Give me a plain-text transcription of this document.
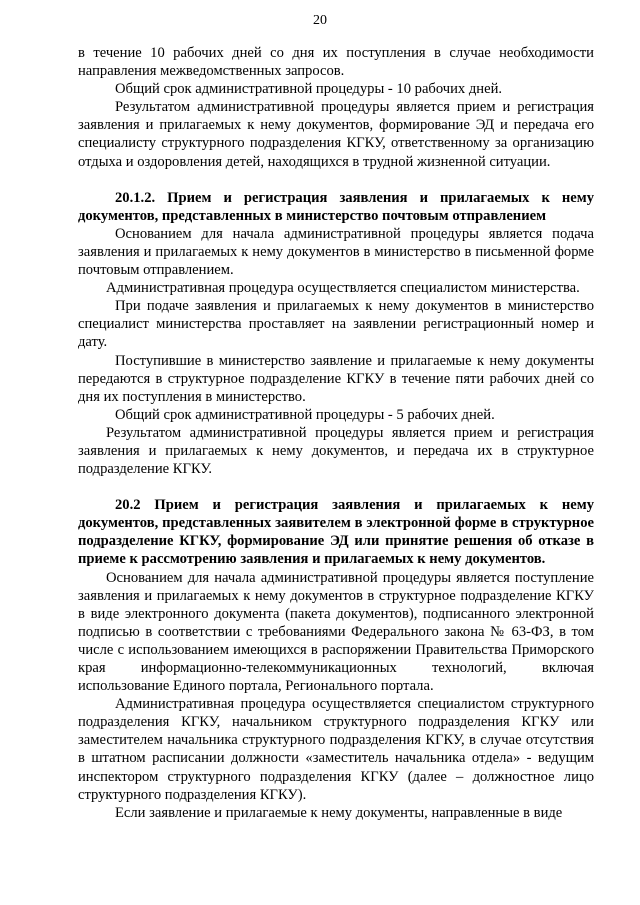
20

в течение 10 рабочих дней со дня их поступления в случае необходимости направления межведомственных запросов.

Общий срок административной процедуры - 10 рабочих дней.

Результатом административной процедуры является прием и регистрация заявления и прилагаемых к нему документов, формирование ЭД и передача его специалисту структурного подразделения КГКУ, ответственному за организацию отдыха и оздоровления детей, находящихся в трудной жизненной ситуации.

20.1.2. Прием и регистрация заявления и прилагаемых к нему документов, представленных в министерство почтовым отправлением

Основанием для начала административной процедуры является подача заявления и прилагаемых к нему документов в министерство в письменной форме почтовым отправлением.

Административная процедура осуществляется специалистом министерства.

При подаче заявления и прилагаемых к нему документов в министерство специалист министерства проставляет на заявлении регистрационный номер и дату.

Поступившие в министерство заявление и прилагаемые к нему документы передаются в структурное подразделение КГКУ в течение пяти рабочих дней со дня их поступления в министерство.

Общий срок административной процедуры - 5 рабочих дней.

Результатом административной процедуры является прием и регистрация заявления и прилагаемых к нему документов, и передача их в структурное подразделение КГКУ.

20.2 Прием и регистрация заявления и прилагаемых к нему документов, представленных заявителем в электронной форме в структурное подразделение КГКУ, формирование ЭД или принятие решения об отказе в приеме к рассмотрению заявления и прилагаемых к нему документов.

Основанием для начала административной процедуры является поступление заявления и прилагаемых к нему документов в структурное подразделение КГКУ в виде электронного документа (пакета документов), подписанного электронной подписью в соответствии с требованиями Федерального закона № 63-ФЗ, в том числе с использованием имеющихся в распоряжении Правительства Приморского края информационно-телекоммуникационных технологий, включая использование Единого портала, Регионального портала.

Административная процедура осуществляется специалистом структурного подразделения КГКУ, начальником структурного подразделения КГКУ или заместителем начальника структурного подразделения КГКУ, в случае отсутствия в штатном расписании должности «заместитель начальника отдела» - ведущим инспектором структурного подразделения КГКУ (далее – должностное лицо структурного подразделения КГКУ).

Если заявление и прилагаемые к нему документы, направленные в виде
